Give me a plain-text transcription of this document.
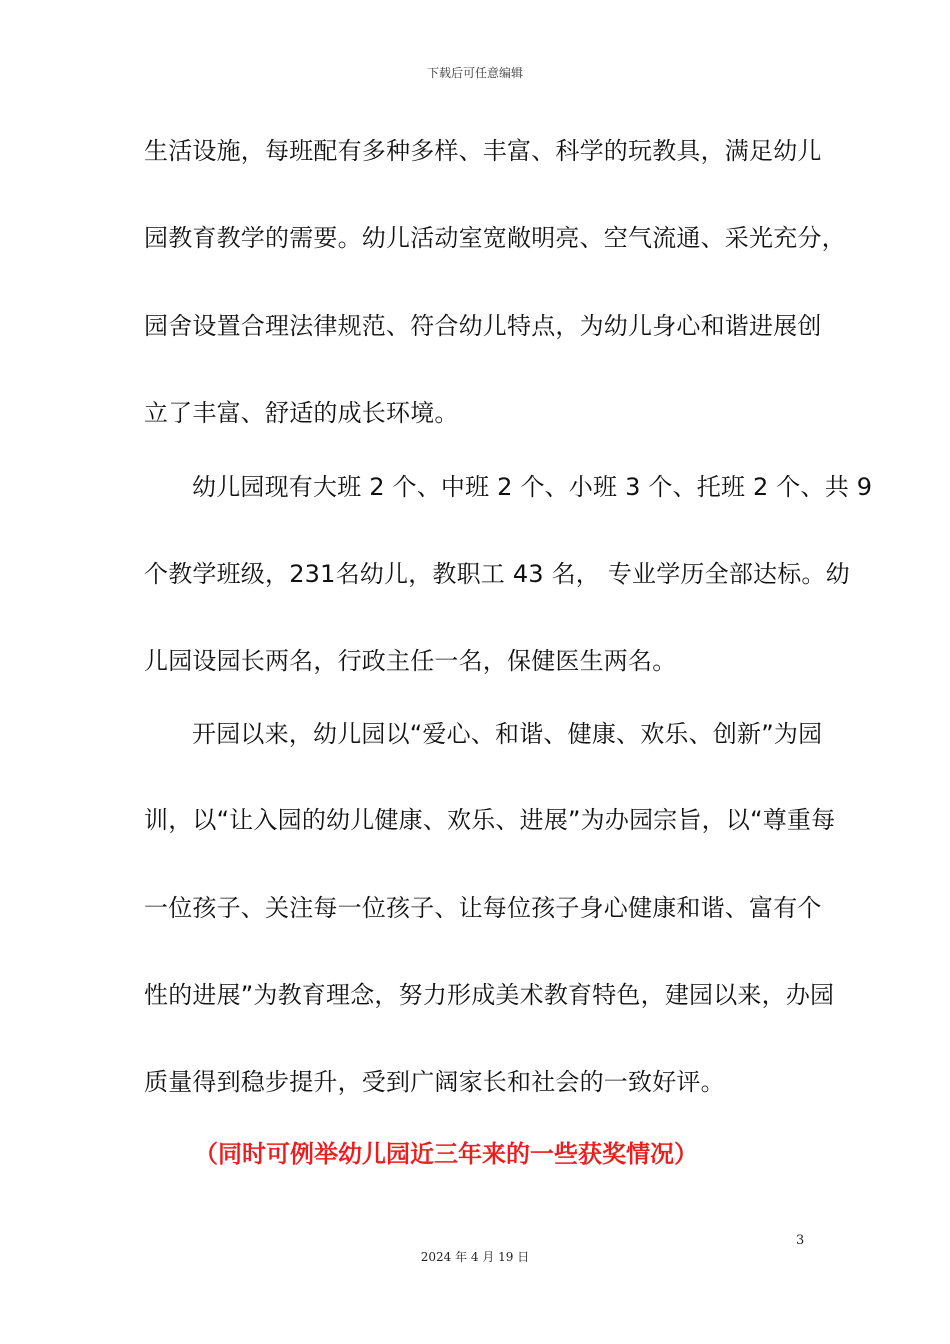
下载后可任意编辑
生活设施，每班配有多种多样、丰富、科学的玩教具，满足幼儿
园教育教学的需要。幼儿活动室宽敞明亮、空气流通、采光充分，
园舍设置合理法律规范、符合幼儿特点，为幼儿身心和谐进展创
立了丰富、舒适的成长环境。
幼儿园现有大班 2 个、中班 2 个、小班 3 个、托班 2 个、共 9
个教学班级，231名幼儿，教职工 43 名， 专业学历全部达标。幼
儿园设园长两名，行政主任一名，保健医生两名。
开园以来，幼儿园以“爱心、和谐、健康、欢乐、创新”为园
训，以“让入园的幼儿健康、欢乐、进展”为办园宗旨，以“尊重每
一位孩子、关注每一位孩子、让每位孩子身心健康和谐、富有个
性的进展”为教育理念，努力形成美术教育特色，建园以来，办园
质量得到稳步提升，受到广阔家长和社会的一致好评。
（同时可例举幼儿园近三年来的一些获奖情况）
3
2024 年 4 月 19 日
